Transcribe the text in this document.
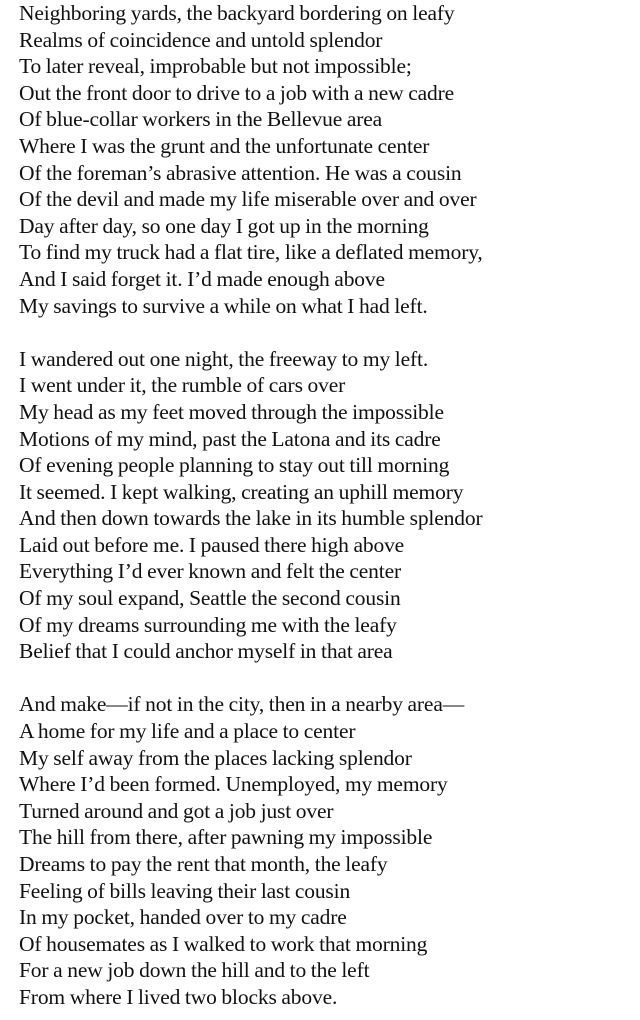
Neighboring yards, the backyard bordering on leafy
Realms of coincidence and untold splendor
To later reveal, improbable but not impossible;
Out the front door to drive to a job with a new cadre
Of blue-collar workers in the Bellevue area
Where I was the grunt and the unfortunate center
Of the foreman’s abrasive attention. He was a cousin
Of the devil and made my life miserable over and over
Day after day, so one day I got up in the morning
To find my truck had a flat tire, like a deflated memory,
And I said forget it. I’d made enough above
My savings to survive a while on what I had left.
I wandered out one night, the freeway to my left.
I went under it, the rumble of cars over
My head as my feet moved through the impossible
Motions of my mind, past the Latona and its cadre
Of evening people planning to stay out till morning
It seemed. I kept walking, creating an uphill memory
And then down towards the lake in its humble splendor
Laid out before me. I paused there high above
Everything I’d ever known and felt the center
Of my soul expand, Seattle the second cousin
Of my dreams surrounding me with the leafy
Belief that I could anchor myself in that area
And make—if not in the city, then in a nearby area—
A home for my life and a place to center
My self away from the places lacking splendor
Where I’d been formed. Unemployed, my memory
Turned around and got a job just over
The hill from there, after pawning my impossible
Dreams to pay the rent that month, the leafy
Feeling of bills leaving their last cousin
In my pocket, handed over to my cadre
Of housemates as I walked to work that morning
For a new job down the hill and to the left
From where I lived two blocks above.
